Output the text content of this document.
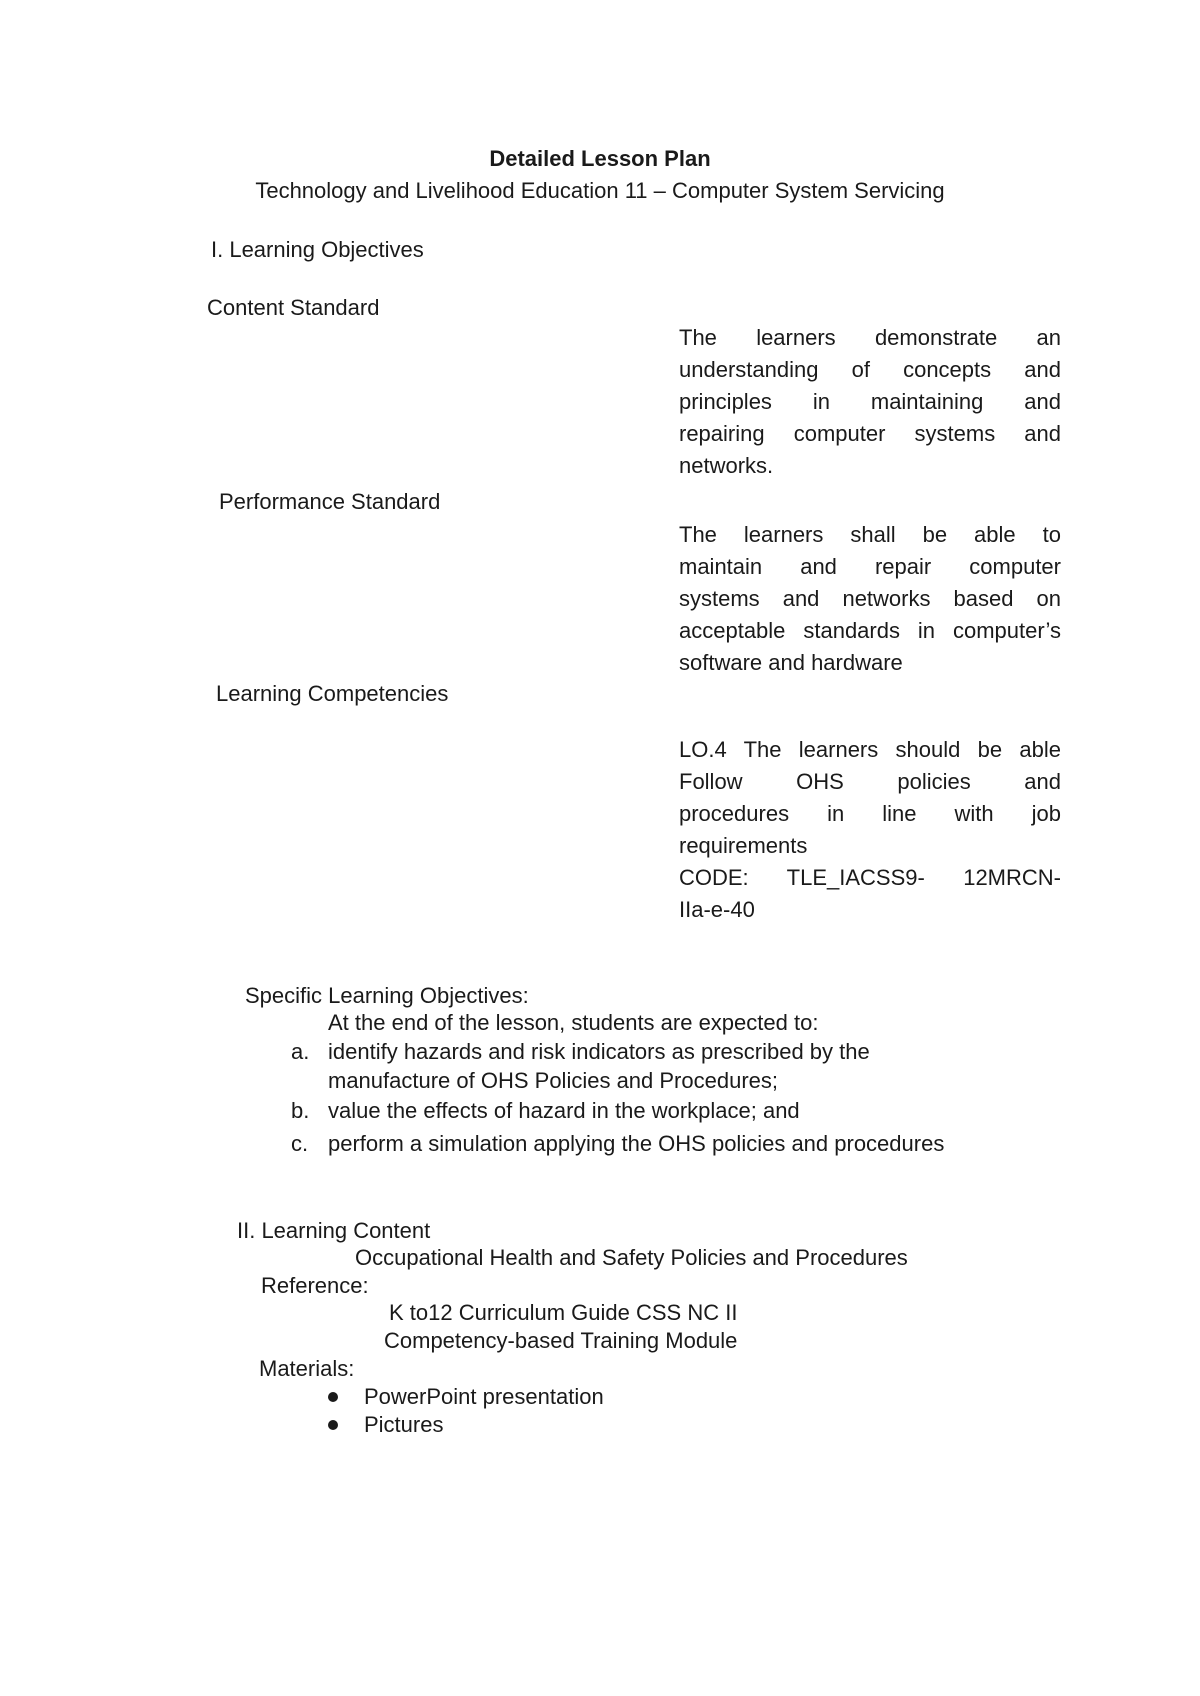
Detailed Lesson Plan
Technology and Livelihood Education 11 – Computer System Servicing
I. Learning Objectives
Content Standard
The learners demonstrate an
understanding of concepts and
principles in maintaining and
repairing computer systems and
networks.
Performance Standard
The learners shall be able to
maintain and repair computer
systems and networks based on
acceptable standards in computer’s
software and hardware
Learning Competencies
LO.4 The learners should be able
Follow OHS policies and
procedures in line with job
requirements
CODE: TLE_IACSS9- 12MRCN-
IIa-e-40
Specific Learning Objectives:
At the end of the lesson, students are expected to:
a. identify hazards and risk indicators as prescribed by the
manufacture of OHS Policies and Procedures;
b. value the effects of hazard in the workplace; and
c. perform a simulation applying the OHS policies and procedures
II. Learning Content
Occupational Health and Safety Policies and Procedures
Reference:
K to12 Curriculum Guide CSS NC II
Competency-based Training Module
Materials:
PowerPoint presentation
Pictures
